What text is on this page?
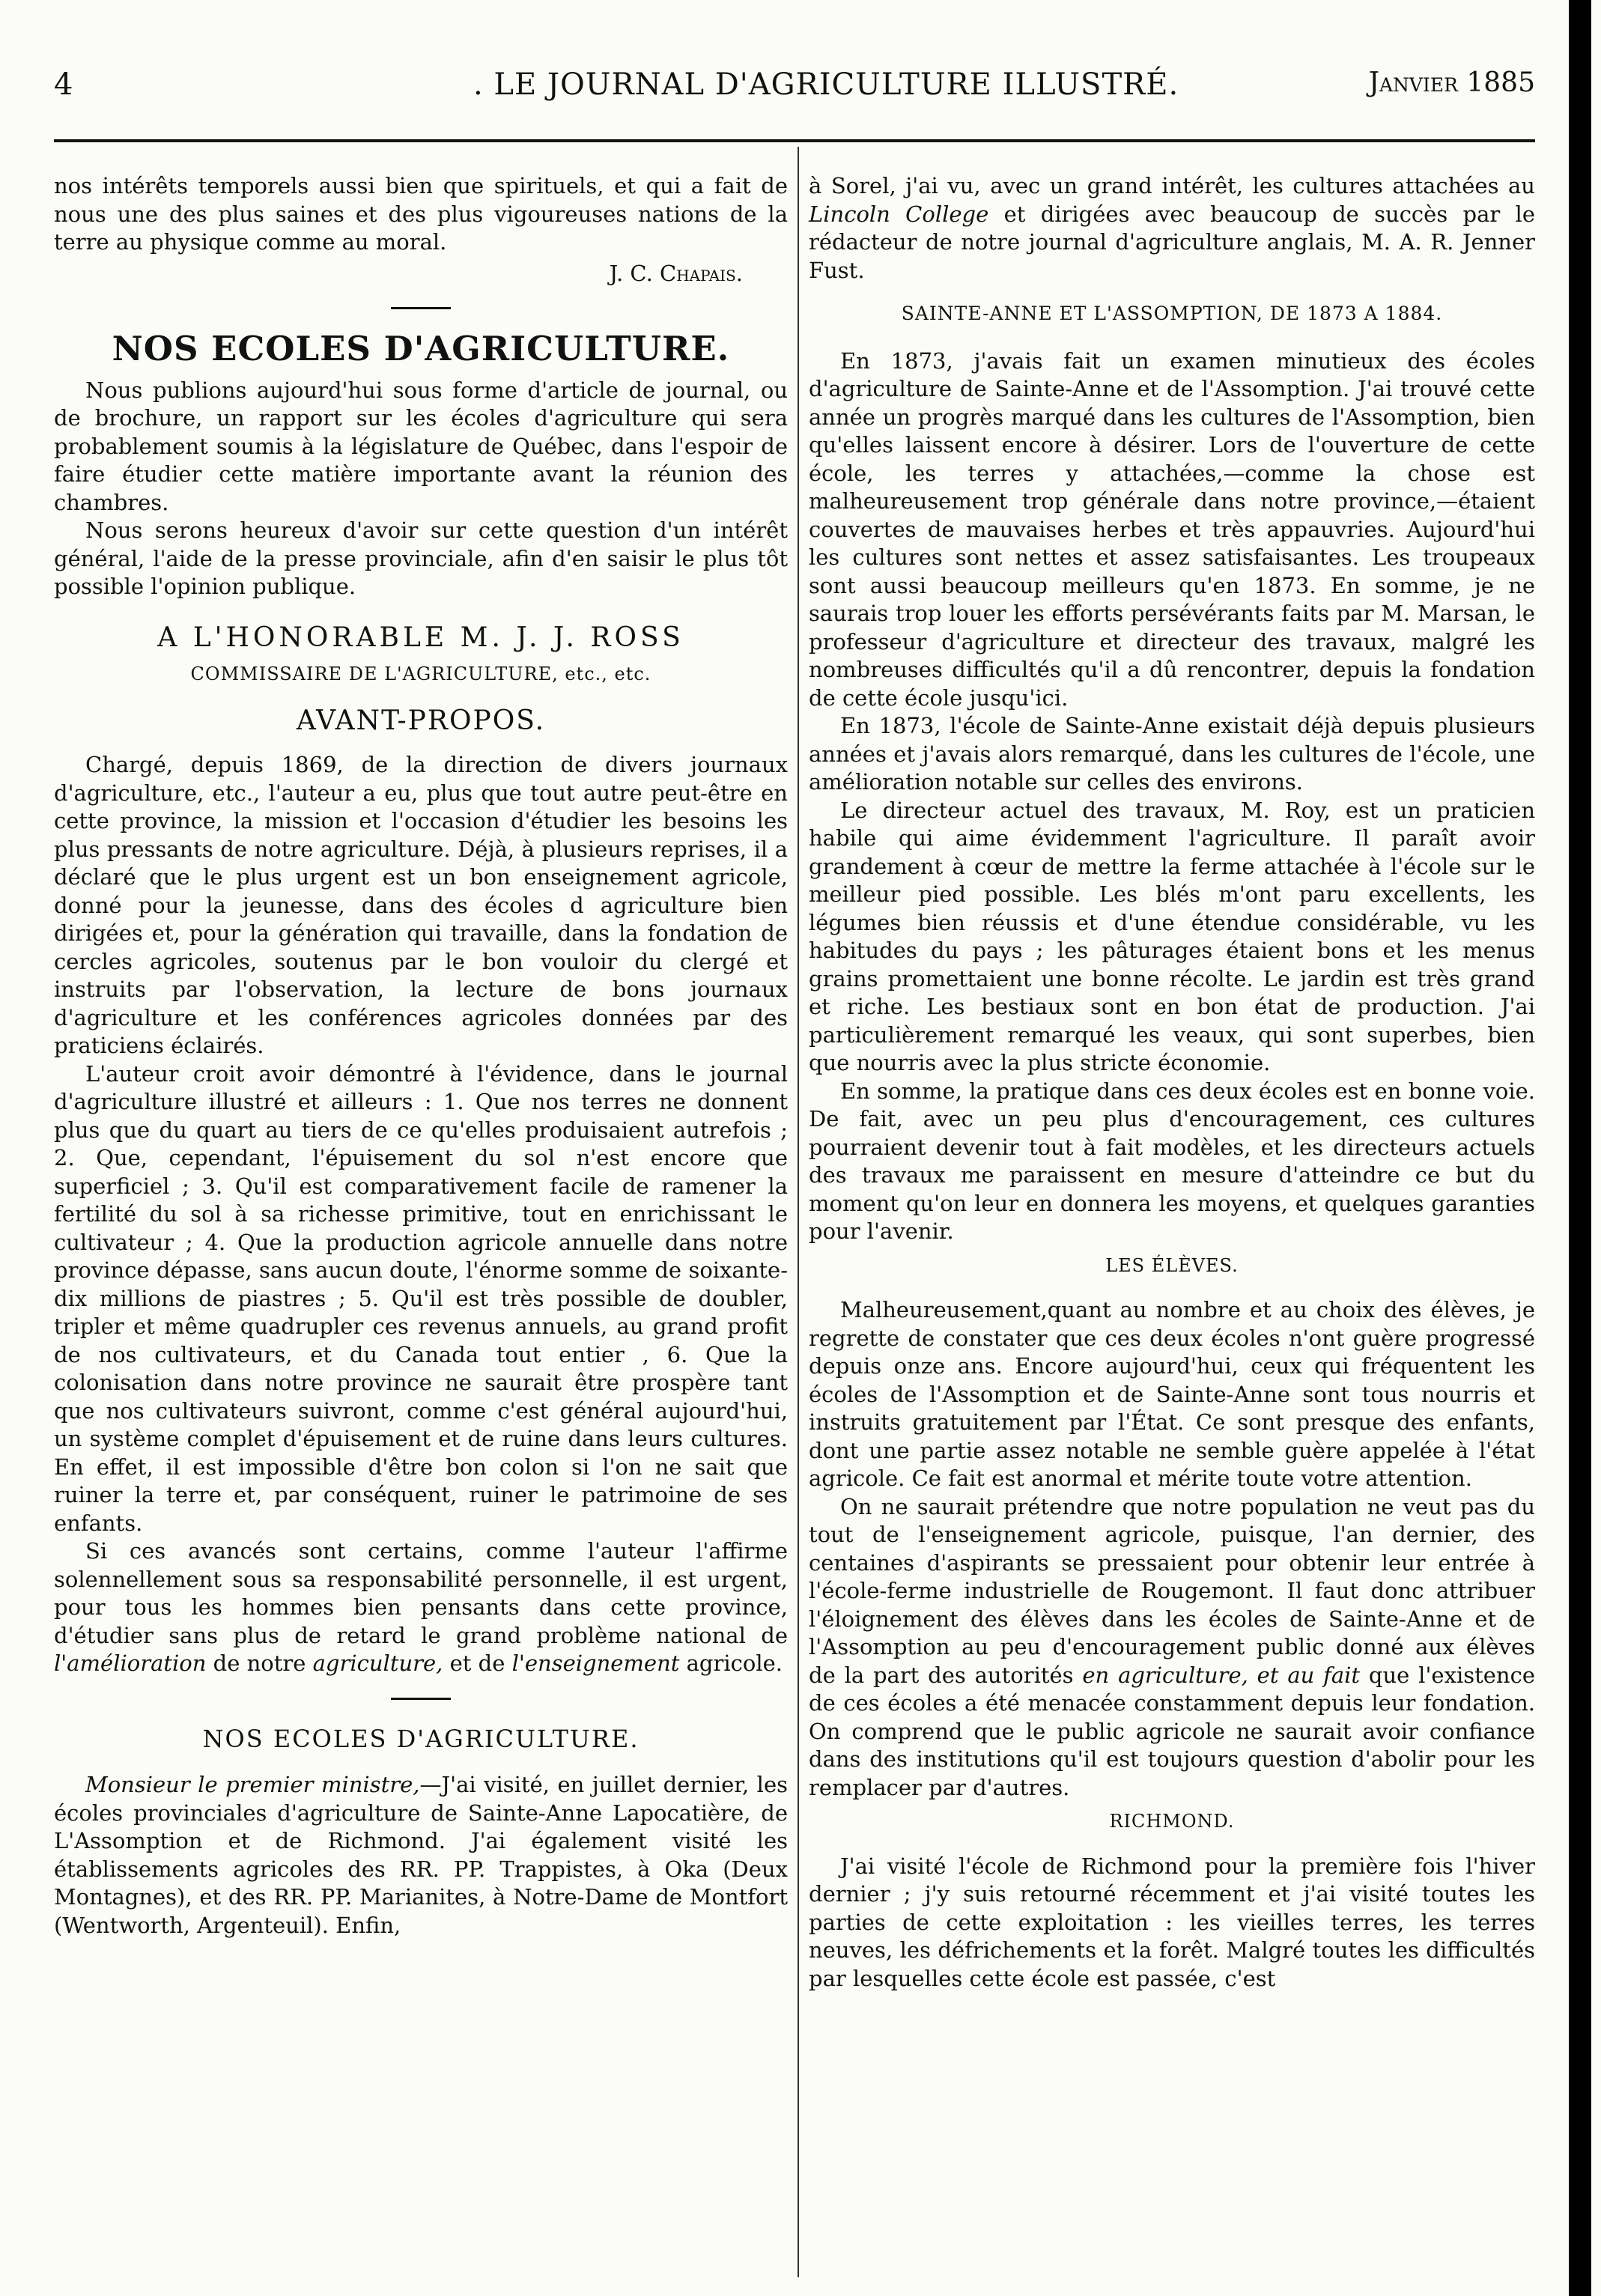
4	. LE JOURNAL D'AGRICULTURE ILLUSTRÉ.	Janvier 1885

nos intérêts temporels aussi bien que spirituels, et qui a fait de nous une des plus saines et des plus vigoureuses nations de la terre au physique comme au moral.

J. C. Chapais.
NOS ECOLES D'AGRICULTURE.

Nous publions aujourd'hui sous forme d'article de journal, ou de brochure, un rapport sur les écoles d'agriculture qui sera probablement soumis à la législature de Québec, dans l'espoir de faire étudier cette matière importante avant la réunion des chambres.

Nous serons heureux d'avoir sur cette question d'un intérêt général, l'aide de la presse provinciale, afin d'en saisir le plus tôt possible l'opinion publique.

A L'HONORABLE M. J. J. ROSS
COMMISSAIRE DE L'AGRICULTURE, etc., etc.
AVANT-PROPOS.

Chargé, depuis 1869, de la direction de divers journaux d'agriculture, etc., l'auteur a eu, plus que tout autre peut-être en cette province, la mission et l'occasion d'étudier les besoins les plus pressants de notre agriculture. Déjà, à plusieurs reprises, il a déclaré que le plus urgent est un bon enseignement agricole, donné pour la jeunesse, dans des écoles d agriculture bien dirigées et, pour la génération qui travaille, dans la fondation de cercles agricoles, soutenus par le bon vouloir du clergé et instruits par l'observation, la lecture de bons journaux d'agriculture et les conférences agricoles données par des praticiens éclairés.

L'auteur croit avoir démontré à l'évidence, dans le journal d'agriculture illustré et ailleurs : 1. Que nos terres ne donnent plus que du quart au tiers de ce qu'elles produisaient autrefois ; 2. Que, cependant, l'épuisement du sol n'est encore que superficiel ; 3. Qu'il est comparativement facile de ramener la fertilité du sol à sa richesse primitive, tout en enrichissant le cultivateur ; 4. Que la production agricole annuelle dans notre province dépasse, sans aucun doute, l'énorme somme de soixante-dix millions de piastres ; 5. Qu'il est très possible de doubler, tripler et même quadrupler ces revenus annuels, au grand profit de nos cultivateurs, et du Canada tout entier , 6. Que la colonisation dans notre province ne saurait être prospère tant que nos cultivateurs suivront, comme c'est général aujourd'hui, un système complet d'épuisement et de ruine dans leurs cultures. En effet, il est impossible d'être bon colon si l'on ne sait que ruiner la terre et, par conséquent, ruiner le patrimoine de ses enfants.

Si ces avancés sont certains, comme l'auteur l'affirme solennellement sous sa responsabilité personnelle, il est urgent, pour tous les hommes bien pensants dans cette province, d'étudier sans plus de retard le grand problème national de l'amélioration de notre agriculture, et de l'enseignement agricole.

NOS ECOLES D'AGRICULTURE.

Monsieur le premier ministre,—J'ai visité, en juillet dernier, les écoles provinciales d'agriculture de Sainte-Anne Lapocatière, de L'Assomption et de Richmond. J'ai également visité les établissements agricoles des RR. PP. Trappistes, à Oka (Deux Montagnes), et des RR. PP. Marianites, à Notre-Dame de Montfort (Wentworth, Argenteuil). Enfin,

à Sorel, j'ai vu, avec un grand intérêt, les cultures attachées au Lincoln College et dirigées avec beaucoup de succès par le rédacteur de notre journal d'agriculture anglais, M. A. R. Jenner Fust.

SAINTE-ANNE ET L'ASSOMPTION, DE 1873 A 1884.

En 1873, j'avais fait un examen minutieux des écoles d'agriculture de Sainte-Anne et de l'Assomption. J'ai trouvé cette année un progrès marqué dans les cultures de l'Assomption, bien qu'elles laissent encore à désirer. Lors de l'ouverture de cette école, les terres y attachées,—comme la chose est malheureusement trop générale dans notre province,—étaient couvertes de mauvaises herbes et très appauvries. Aujourd'hui les cultures sont nettes et assez satisfaisantes. Les troupeaux sont aussi beaucoup meilleurs qu'en 1873. En somme, je ne saurais trop louer les efforts persévérants faits par M. Marsan, le professeur d'agriculture et directeur des travaux, malgré les nombreuses difficultés qu'il a dû rencontrer, depuis la fondation de cette école jusqu'ici.

En 1873, l'école de Sainte-Anne existait déjà depuis plusieurs années et j'avais alors remarqué, dans les cultures de l'école, une amélioration notable sur celles des environs.

Le directeur actuel des travaux, M. Roy, est un praticien habile qui aime évidemment l'agriculture. Il paraît avoir grandement à cœur de mettre la ferme attachée à l'école sur le meilleur pied possible. Les blés m'ont paru excellents, les légumes bien réussis et d'une étendue considérable, vu les habitudes du pays ; les pâturages étaient bons et les menus grains promettaient une bonne récolte. Le jardin est très grand et riche. Les bestiaux sont en bon état de production. J'ai particulièrement remarqué les veaux, qui sont superbes, bien que nourris avec la plus stricte économie.

En somme, la pratique dans ces deux écoles est en bonne voie. De fait, avec un peu plus d'encouragement, ces cultures pourraient devenir tout à fait modèles, et les directeurs actuels des travaux me paraissent en mesure d'atteindre ce but du moment qu'on leur en donnera les moyens, et quelques garanties pour l'avenir.

LES ÉLÈVES.

Malheureusement,quant au nombre et au choix des élèves, je regrette de constater que ces deux écoles n'ont guère progressé depuis onze ans. Encore aujourd'hui, ceux qui fréquentent les écoles de l'Assomption et de Sainte-Anne sont tous nourris et instruits gratuitement par l'État. Ce sont presque des enfants, dont une partie assez notable ne semble guère appelée à l'état agricole. Ce fait est anormal et mérite toute votre attention.

On ne saurait prétendre que notre population ne veut pas du tout de l'enseignement agricole, puisque, l'an dernier, des centaines d'aspirants se pressaient pour obtenir leur entrée à l'école-ferme industrielle de Rougemont. Il faut donc attribuer l'éloignement des élèves dans les écoles de Sainte-Anne et de l'Assomption au peu d'encouragement public donné aux élèves de la part des autorités en agriculture, et au fait que l'existence de ces écoles a été menacée constamment depuis leur fondation. On comprend que le public agricole ne saurait avoir confiance dans des institutions qu'il est toujours question d'abolir pour les remplacer par d'autres.

RICHMOND.

J'ai visité l'école de Richmond pour la première fois l'hiver dernier ; j'y suis retourné récemment et j'ai visité toutes les parties de cette exploitation : les vieilles terres, les terres neuves, les défrichements et la forêt. Malgré toutes les difficultés par lesquelles cette école est passée, c'est
